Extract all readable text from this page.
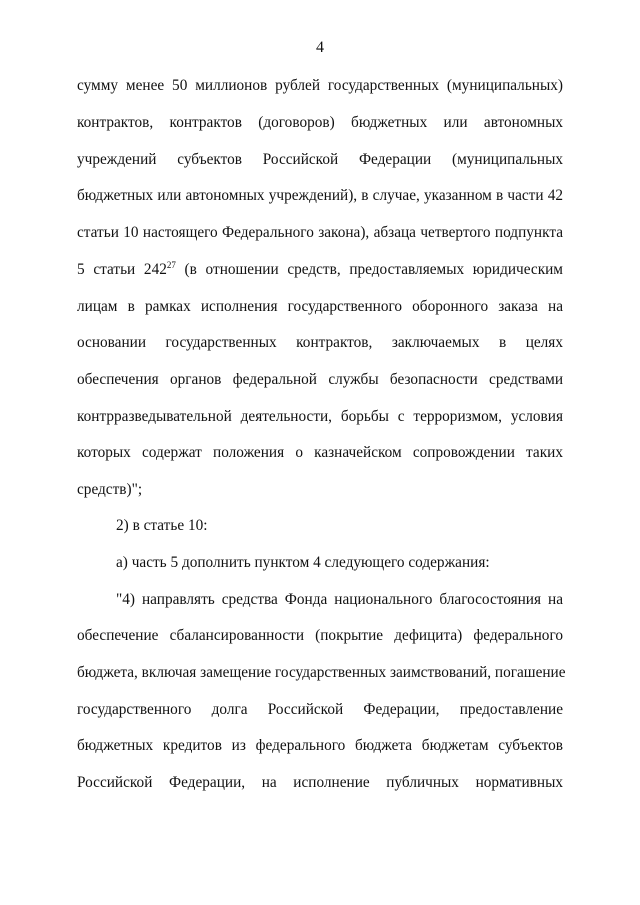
4
сумму менее 50 миллионов рублей государственных (муниципальных)
контрактов, контрактов (договоров) бюджетных или автономных
учреждений субъектов Российской Федерации (муниципальных
бюджетных или автономных учреждений), в случае, указанном в части 42
статьи 10 настоящего Федерального закона), абзаца четвертого подпункта
5 статьи $242^{27}$ (в отношении средств, предоставляемых юридическим
лицам в рамках исполнения государственного оборонного заказа на
основании государственных контрактов, заключаемых в целях
обеспечения органов федеральной службы безопасности средствами
контрразведывательной деятельности, борьбы с терроризмом, условия
которых содержат положения о казначейском сопровождении таких
средств)";
2) в статье 10:
а) часть 5 дополнить пунктом 4 следующего содержания:
"4) направлять средства Фонда национального благосостояния на
обеспечение сбалансированности (покрытие дефицита) федерального
бюджета, включая замещение государственных заимствований, погашение
государственного долга Российской Федерации, предоставление
бюджетных кредитов из федерального бюджета бюджетам субъектов
Российской Федерации, на исполнение публичных нормативных
